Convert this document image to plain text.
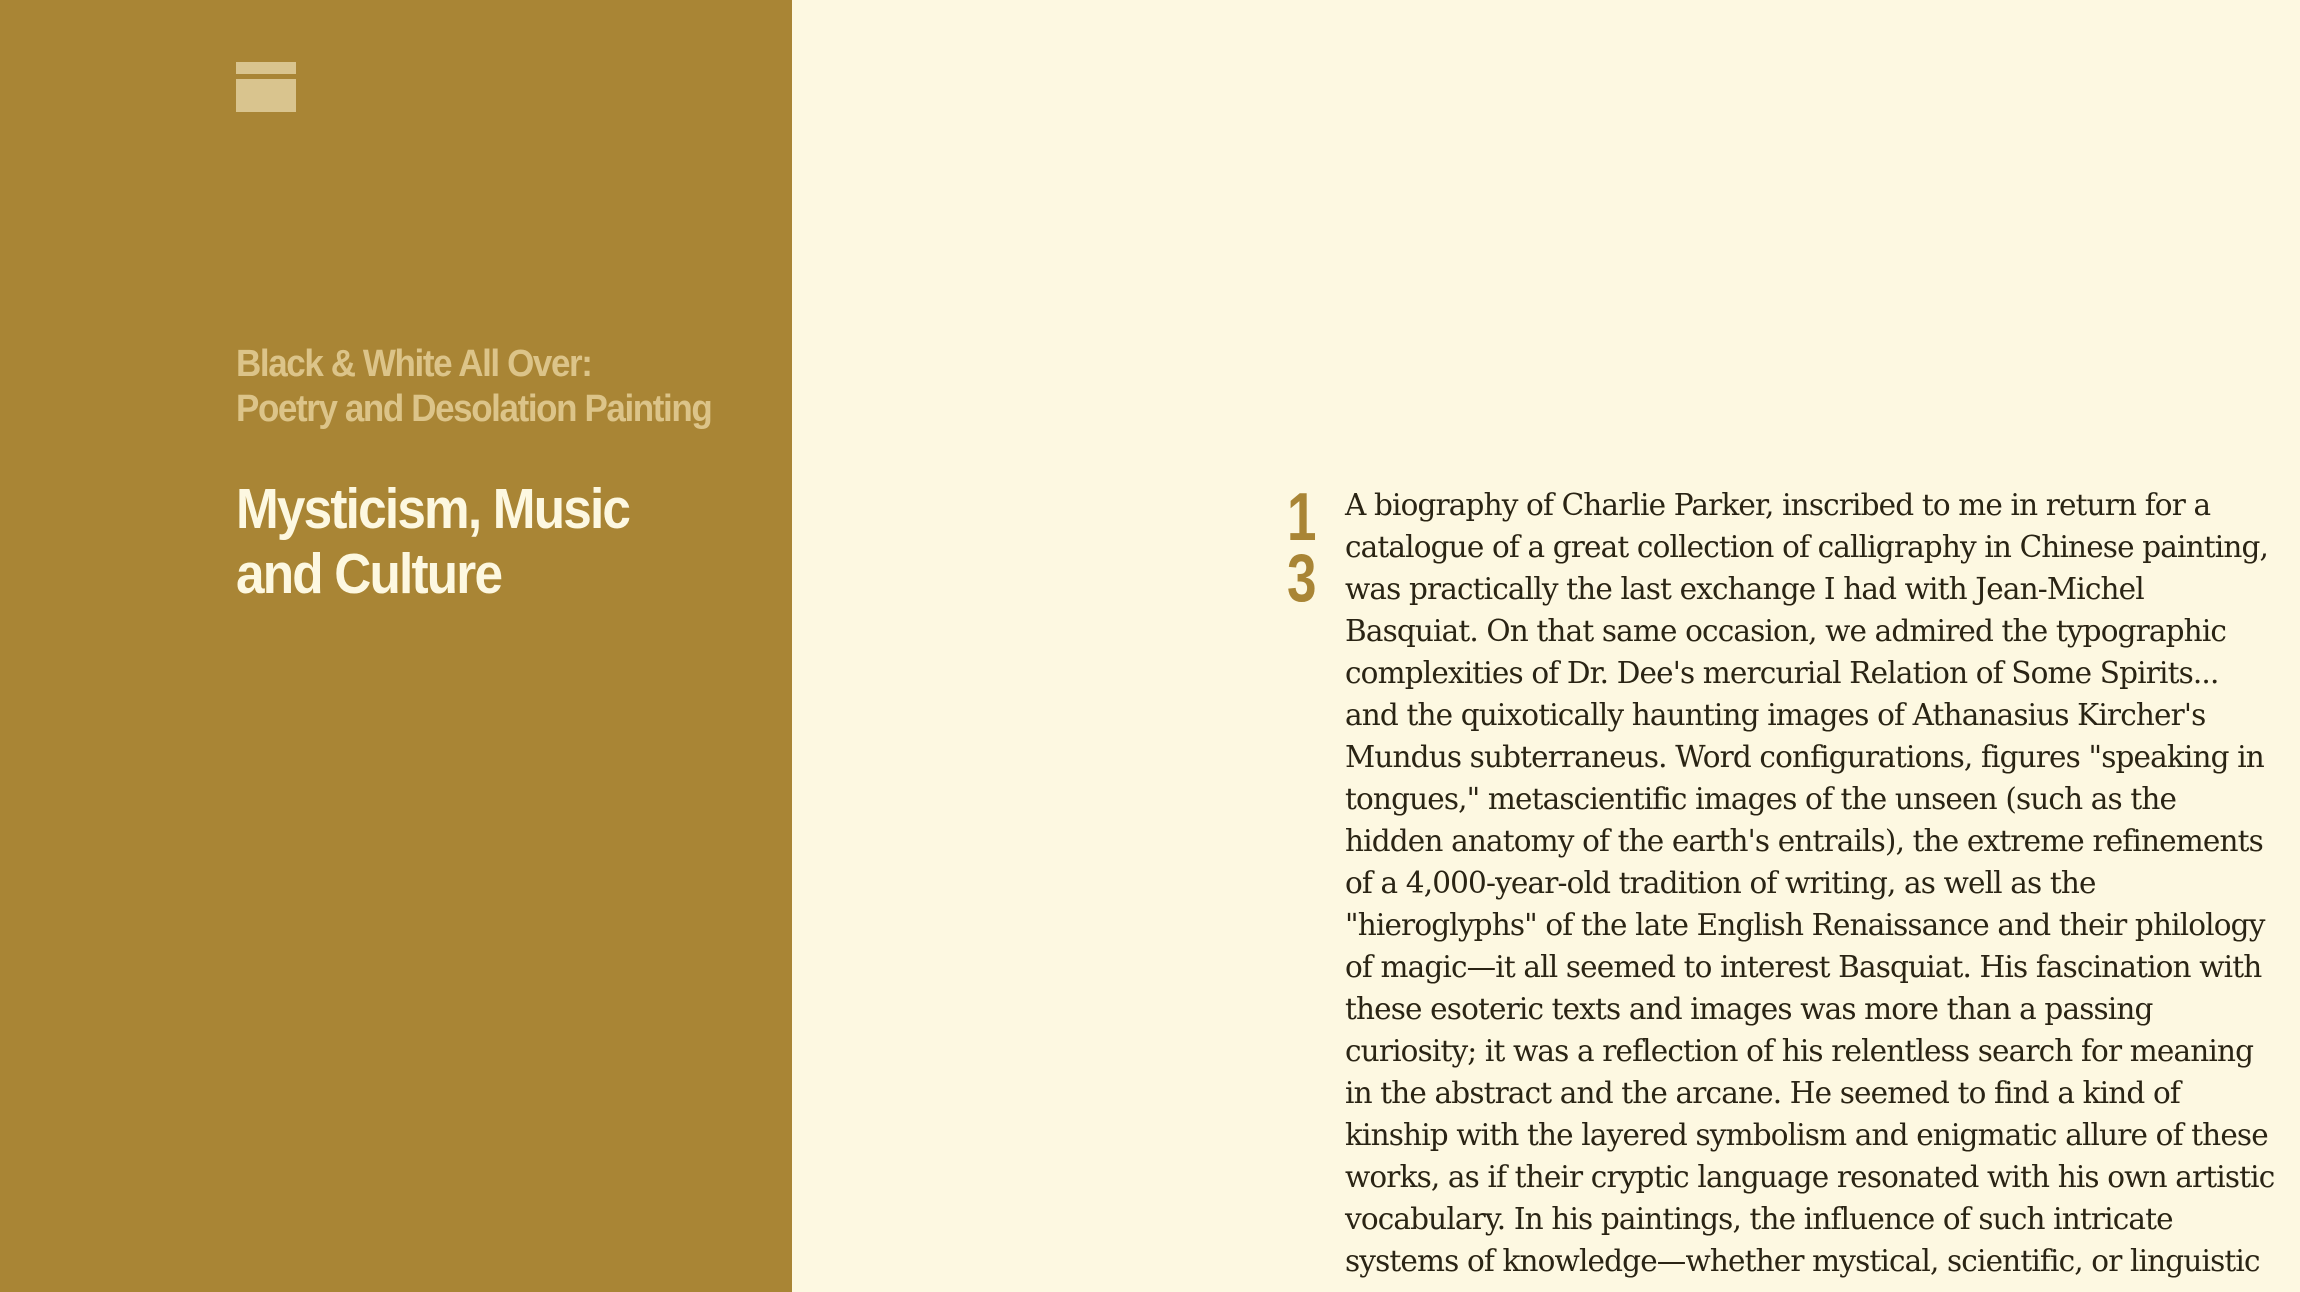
Black & White All Over:
Poetry and Desolation Painting
Mysticism, Music
and Culture
1
3
A biography of Charlie Parker, inscribed to me in return for a
catalogue of a great collection of calligraphy in Chinese painting,
was practically the last exchange I had with Jean-Michel
Basquiat. On that same occasion, we admired the typographic
complexities of Dr. Dee's mercurial Relation of Some Spirits...
and the quixotically haunting images of Athanasius Kircher's
Mundus subterraneus. Word configurations, figures "speaking in
tongues," metascientific images of the unseen (such as the
hidden anatomy of the earth's entrails), the extreme refinements
of a 4,000-year-old tradition of writing, as well as the
"hieroglyphs" of the late English Renaissance and their philology
of magic—it all seemed to interest Basquiat. His fascination with
these esoteric texts and images was more than a passing
curiosity; it was a reflection of his relentless search for meaning
in the abstract and the arcane. He seemed to find a kind of
kinship with the layered symbolism and enigmatic allure of these
works, as if their cryptic language resonated with his own artistic
vocabulary. In his paintings, the influence of such intricate
systems of knowledge—whether mystical, scientific, or linguistic
